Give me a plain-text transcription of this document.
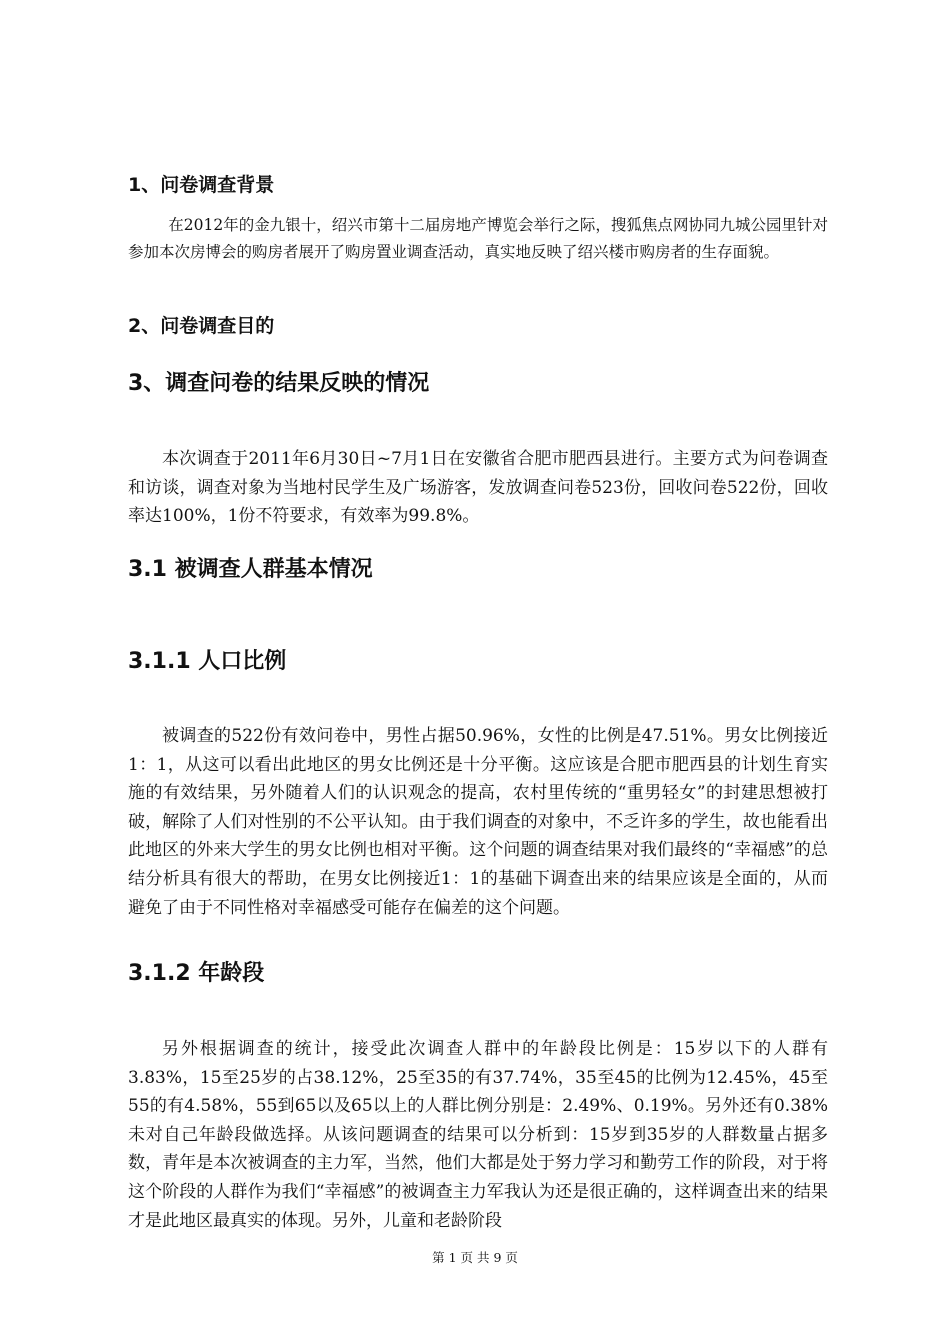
1、问卷调查背景

在2012年的金九银十，绍兴市第十二届房地产博览会举行之际，搜狐焦点网协同九城公园里针对参加本次房博会的购房者展开了购房置业调查活动，真实地反映了绍兴楼市购房者的生存面貌。

2、问卷调查目的
3、调查问卷的结果反映的情况

本次调查于2011年6月30日~7月1日在安徽省合肥市肥西县进行。主要方式为问卷调查和访谈，调查对象为当地村民学生及广场游客，发放调查问卷523份，回收问卷522份，回收率达100%，1份不符要求，有效率为99.8%。

3.1 被调查人群基本情况
3.1.1 人口比例

被调查的522份有效问卷中，男性占据50.96%，女性的比例是47.51%。男女比例接近1：1，从这可以看出此地区的男女比例还是十分平衡。这应该是合肥市肥西县的计划生育实施的有效结果，另外随着人们的认识观念的提高，农村里传统的“重男轻女”的封建思想被打破，解除了人们对性别的不公平认知。由于我们调查的对象中，不乏许多的学生，故也能看出此地区的外来大学生的男女比例也相对平衡。这个问题的调查结果对我们最终的“幸福感”的总结分析具有很大的帮助，在男女比例接近1：1的基础下调查出来的结果应该是全面的，从而避免了由于不同性格对幸福感受可能存在偏差的这个问题。

3.1.2 年龄段

另外根据调查的统计，接受此次调查人群中的年龄段比例是：15岁以下的人群有3.83%，15至25岁的占38.12%，25至35的有37.74%，35至45的比例为12.45%，45至55的有4.58%，55到65以及65以上的人群比例分别是：2.49%、0.19%。另外还有0.38%未对自己年龄段做选择。从该问题调查的结果可以分析到：15岁到35岁的人群数量占据多数，青年是本次被调查的主力军，当然，他们大都是处于努力学习和勤劳工作的阶段，对于将这个阶段的人群作为我们“幸福感”的被调查主力军我认为还是很正确的，这样调查出来的结果才是此地区最真实的体现。另外，儿童和老龄阶段

第 1 页 共 9 页
